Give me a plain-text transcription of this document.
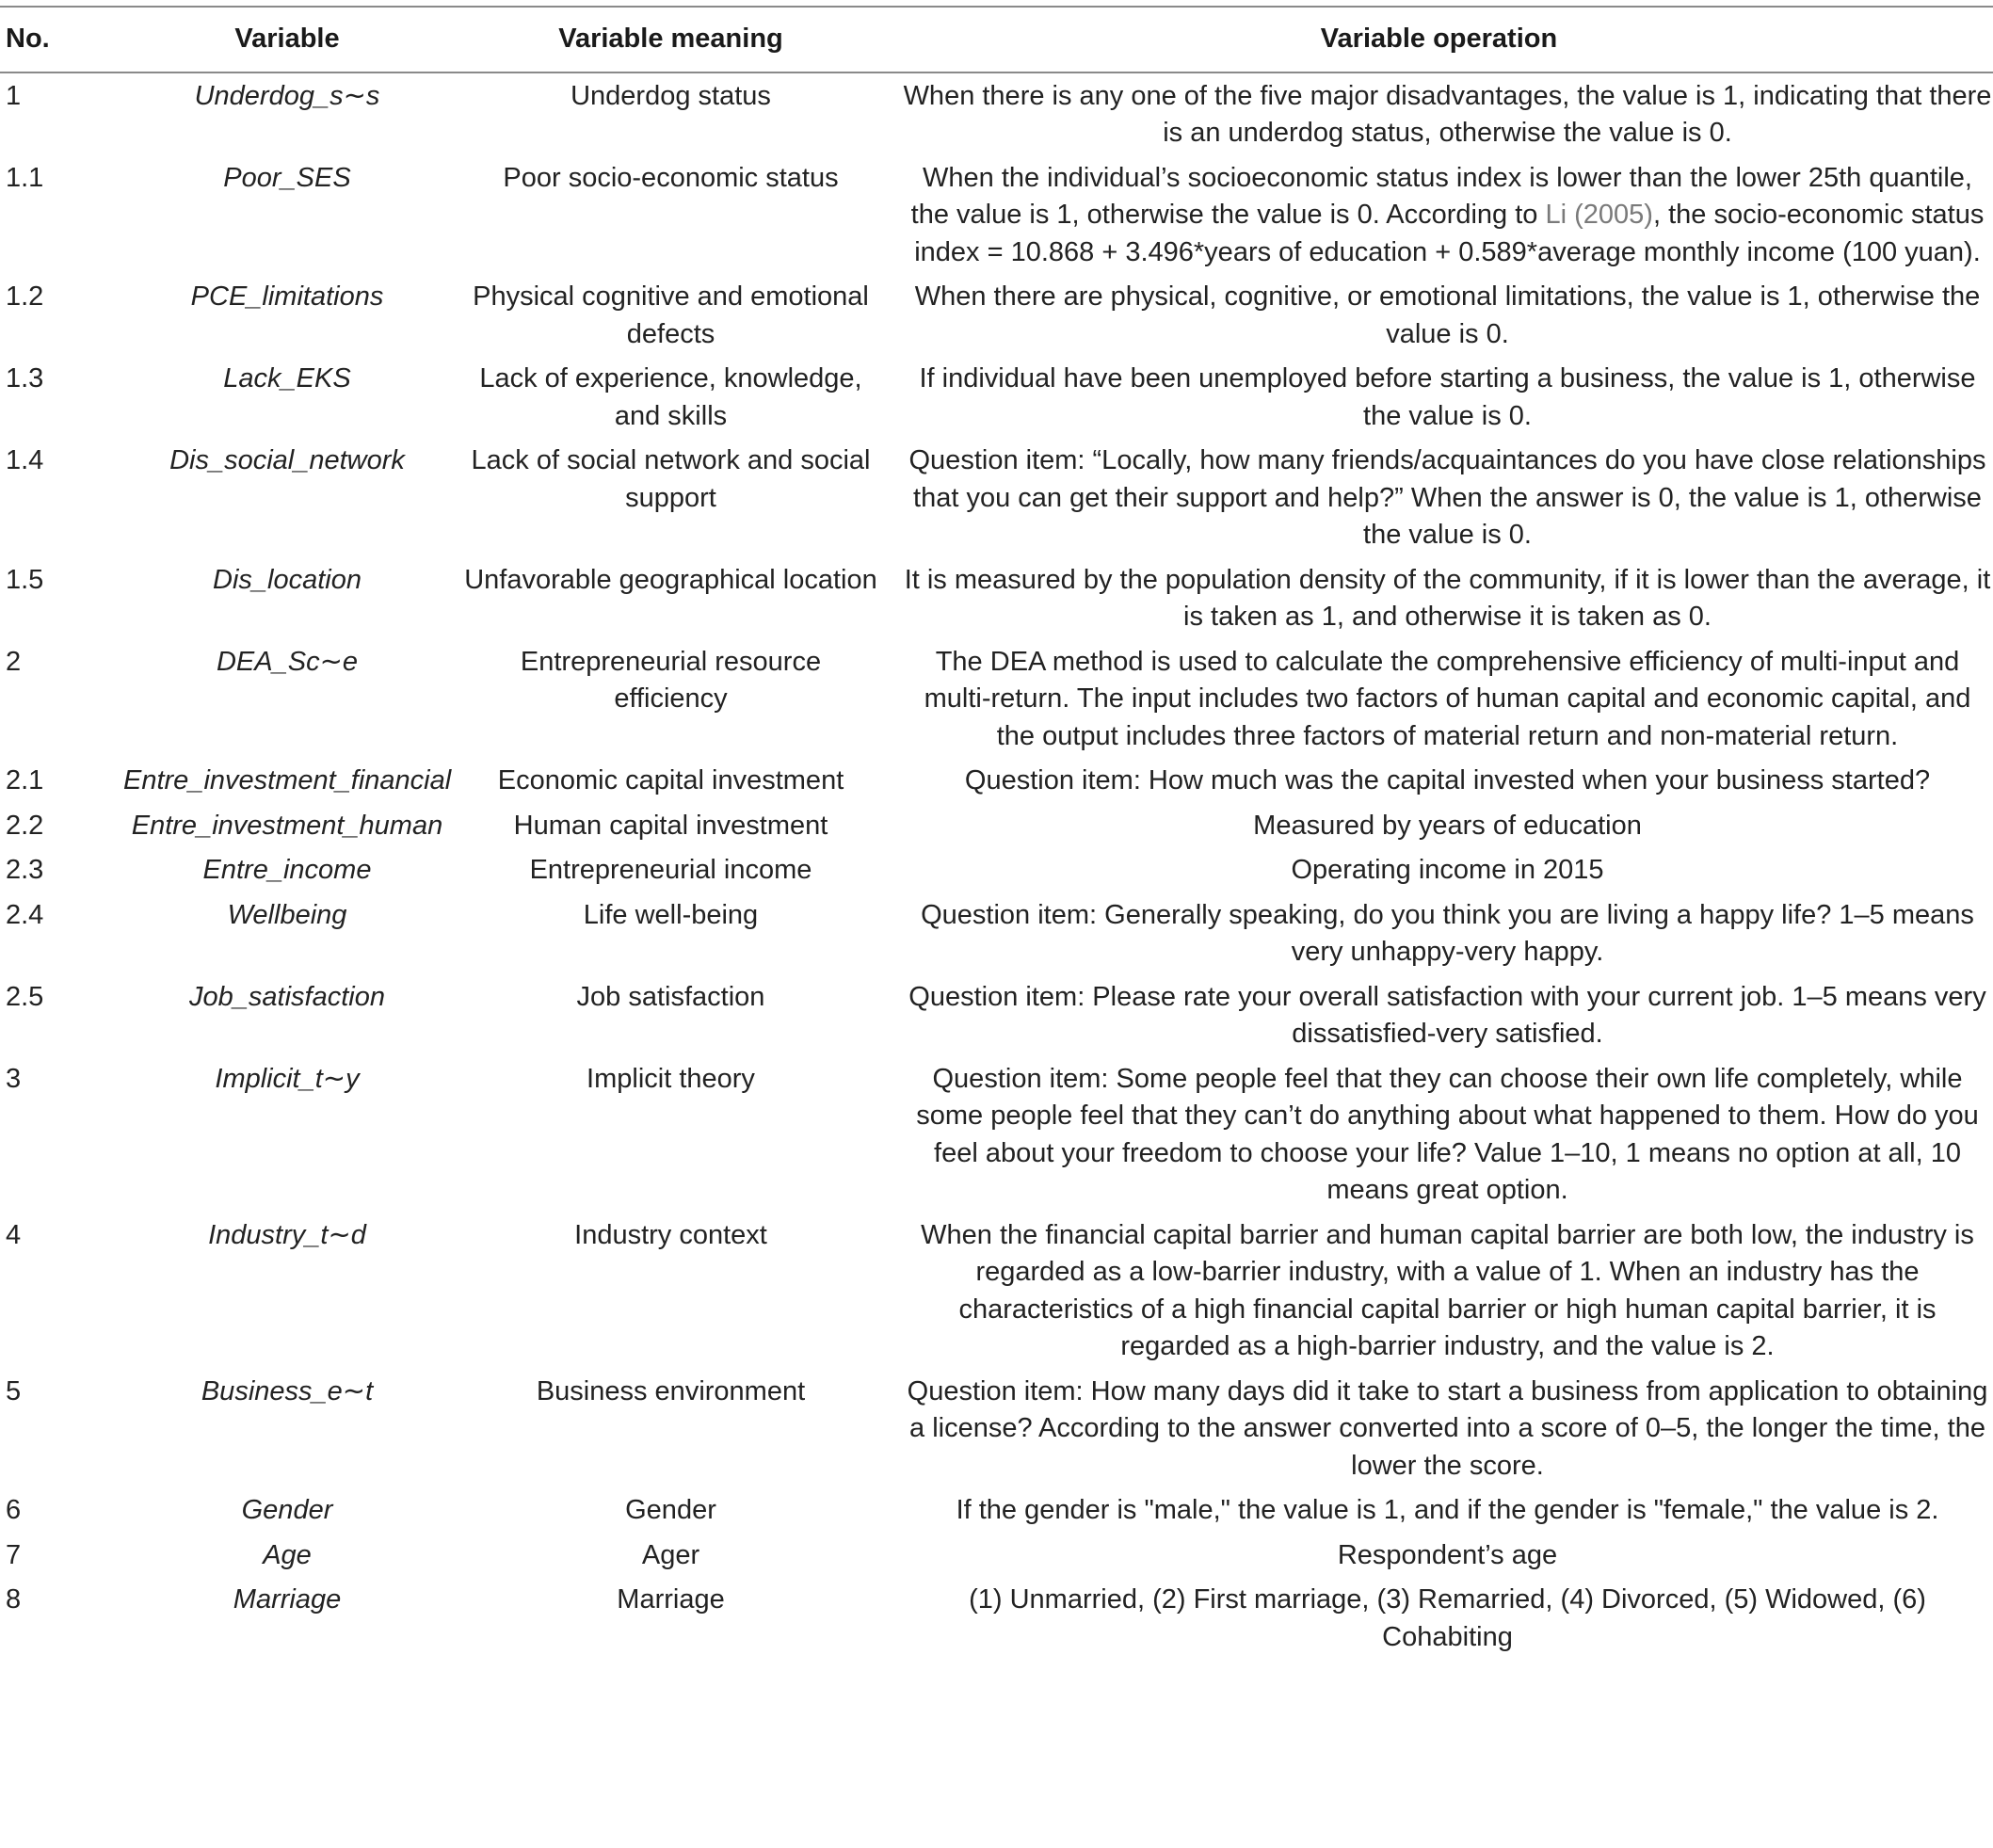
No.	Variable	Variable meaning	Variable operation
1	Underdog_s∼s	Underdog status	When there is any one of the five major disadvantages, the value is 1, indicating that there is an underdog status, otherwise the value is 0.
1.1	Poor_SES	Poor socio-economic status	When the individual’s socioeconomic status index is lower than the lower 25th quantile, the value is 1, otherwise the value is 0. According to Li (2005), the socio-economic status index = 10.868 + 3.496*years of education + 0.589*average monthly income (100 yuan).
1.2	PCE_limitations	Physical cognitive and emotional defects	When there are physical, cognitive, or emotional limitations, the value is 1, otherwise the value is 0.
1.3	Lack_EKS	Lack of experience, knowledge, and skills	If individual have been unemployed before starting a business, the value is 1, otherwise the value is 0.
1.4	Dis_social_network	Lack of social network and social support	Question item: “Locally, how many friends/acquaintances do you have close relationships that you can get their support and help?” When the answer is 0, the value is 1, otherwise the value is 0.
1.5	Dis_location	Unfavorable geographical location	It is measured by the population density of the community, if it is lower than the average, it is taken as 1, and otherwise it is taken as 0.
2	DEA_Sc∼e	Entrepreneurial resource efficiency	The DEA method is used to calculate the comprehensive efficiency of multi-input and multi-return. The input includes two factors of human capital and economic capital, and the output includes three factors of material return and non-material return.
2.1	Entre_investment_financial	Economic capital investment	Question item: How much was the capital invested when your business started?
2.2	Entre_investment_human	Human capital investment	Measured by years of education
2.3	Entre_income	Entrepreneurial income	Operating income in 2015
2.4	Wellbeing	Life well-being	Question item: Generally speaking, do you think you are living a happy life? 1–5 means very unhappy-very happy.
2.5	Job_satisfaction	Job satisfaction	Question item: Please rate your overall satisfaction with your current job. 1–5 means very dissatisfied-very satisfied.
3	Implicit_t∼y	Implicit theory	Question item: Some people feel that they can choose their own life completely, while some people feel that they can’t do anything about what happened to them. How do you feel about your freedom to choose your life? Value 1–10, 1 means no option at all, 10 means great option.
4	Industry_t∼d	Industry context	When the financial capital barrier and human capital barrier are both low, the industry is regarded as a low-barrier industry, with a value of 1. When an industry has the characteristics of a high financial capital barrier or high human capital barrier, it is regarded as a high-barrier industry, and the value is 2.
5	Business_e∼t	Business environment	Question item: How many days did it take to start a business from application to obtaining a license? According to the answer converted into a score of 0–5, the longer the time, the lower the score.
6	Gender	Gender	If the gender is "male," the value is 1, and if the gender is "female," the value is 2.
7	Age	Ager	Respondent’s age
8	Marriage	Marriage	(1) Unmarried, (2) First marriage, (3) Remarried, (4) Divorced, (5) Widowed, (6) Cohabiting
